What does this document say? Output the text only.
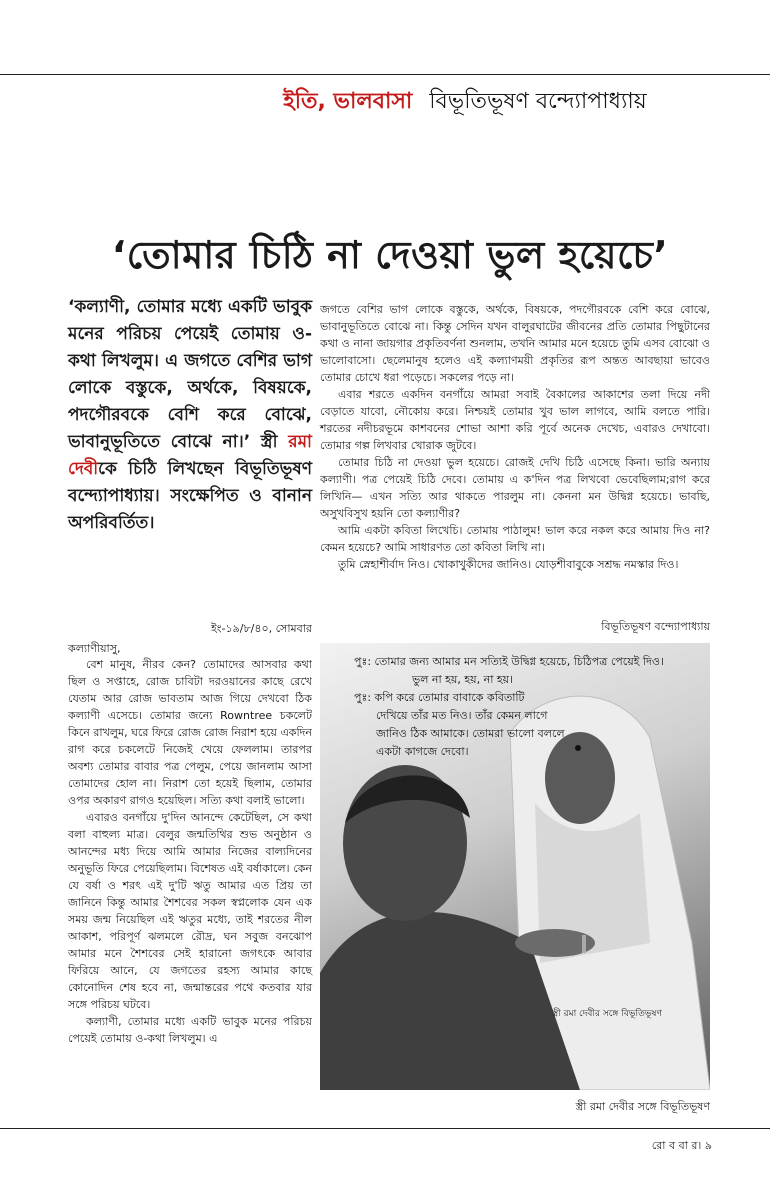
ইতি, ভালবাসা বিভূতিভূষণ বন্দ্যোপাধ্যায়
‘তোমার চিঠি না দেওয়া ভুল হয়েচে’
‘কল্যাণী, তোমার মধ্যে একটি ভাবুক মনের পরিচয় পেয়েই তোমায় ও-কথা লিখলুম। এ জগতে বেশির ভাগ লোকে বস্তুকে, অর্থকে, বিষয়কে, পদগৌরবকে বেশি করে বোঝে, ভাবানুভূতিতে বোঝে না।’ স্ত্রী রমা দেবীকে চিঠি লিখছেন বিভূতিভূষণ বন্দ্যোপাধ্যায়। সংক্ষেপিত ও বানান অপরিবর্তিত।

জগতে বেশির ভাগ লোকে বস্তুকে, অর্থকে, বিষয়কে, পদগৌরবকে বেশি করে বোঝে, ভাবানুভূতিতে বোঝে না। কিন্তু সেদিন যখন বালুরঘাটের জীবনের প্রতি তোমার পিছুটানের কথা ও নানা জায়গার প্রকৃতিবর্ণনা শুনলাম, তখনি আমার মনে হয়েচে তুমি এসব বোঝো ও ভালোবাসো। ছেলেমানুষ হলেও এই কল্যাণময়ী প্রকৃতির রূপ অন্তত আবছায়া ভাবেও তোমার চোখে ধরা পড়েচে। সকলের পড়ে না।

এবার শরতে একদিন বনগাঁয়ে আমরা সবাই বৈকালের আকাশের তলা দিয়ে নদী বেড়াতে যাবো, নৌকোয় করে। নিশ্চয়ই তোমার খুব ভাল লাগবে, আমি বলতে পারি। শরতের নদীচরভূমে কাশবনের শোভা আশা করি পূর্বে অনেক দেখেচ, এবারও দেখাবো। তোমার গল্প লিখবার খোরাক জুটবে।

তোমার চিঠি না দেওয়া ভুল হয়েচে। রোজই দেখি চিঠি এসেছে কিনা। ভারি অন্যায় কল্যাণী। পত্র পেয়েই চিঠি দেবে। তোমায় এ ক'দিন পত্র লিখবো ভেবেছিলাম;রাগ করে লিখিনি— এখন সত্যি আর থাকতে পারলুম না। কেননা মন উদ্বিগ্ন হয়েচে। ভাবছি, অসুখবিসুখ হয়নি তো কল্যাণীর?

আমি একটা কবিতা লিখেচি। তোমায় পাঠালুম! ভাল করে নকল করে আমায় দিও না? কেমন হয়েচে? আমি সাধারণত তো কবিতা লিখি না।

তুমি স্নেহাশীর্বাদ নিও। খোকাখুকীদের জানিও। যোড়শীবাবুকে সশ্রদ্ধ নমস্কার দিও।

বিভূতিভূষণ বন্দ্যোপাধ্যায়
ইং-১৯/৮/৪০, সোমবার
কল্যাণীয়াসু,

বেশ মানুষ, নীরব কেন? তোমাদের আসবার কথা ছিল ও সপ্তাহে, রোজ চাবিটা দরওয়ানের কাছে রেখে যেতাম আর রোজ ভাবতাম আজ গিয়ে দেখবো ঠিক কল্যাণী এসেচে। তোমার জন্যে Rowntree চকলেট কিনে রাখলুম, ঘরে ফিরে রোজ রোজ নিরাশ হয়ে একদিন রাগ করে চকলেটে নিজেই খেয়ে ফেললাম। তারপর অবশ্য তোমার বাবার পত্র পেলুম, পেয়ে জানলাম আসা তোমাদের হোল না। নিরাশ তো হয়েই ছিলাম, তোমার ওপর অকারণ রাগও হয়েছিল। সত্যি কথা বলাই ভালো।

এবারও বনগাঁয়ে দু'দিন আনন্দে কেটেছিল, সে কথা বলা বাহুল্য মাত্র। বেলুর জন্মতিথির শুভ অনুষ্ঠান ও আনন্দের মধ্য দিয়ে আমি আমার নিজের বাল্যদিনের অনুভূতি ফিরে পেয়েছিলাম। বিশেষত এই বর্ষাকালে। কেন যে বর্ষা ও শরৎ এই দু'টি ঋতু আমার এত প্রিয় তা জানিনে কিন্তু আমার শৈশবের সকল স্বপ্নলোক যেন এক সময় জন্ম নিয়েছিল এই ঋতুর মধ্যে, তাই শরতের নীল আকাশ, পরিপূর্ণ ঝলমলে রৌদ্র, ঘন সবুজ বনঝোপ আমার মনে শৈশবের সেই হারানো জগৎকে আবার ফিরিয়ে আনে, যে জগতের রহস্য আমার কাছে কোনোদিন শেষ হবে না, জন্মান্তরের পথে কতবার যার সঙ্গে পরিচয় ঘটবে।

কল্যাণী, তোমার মধ্যে একটি ভাবুক মনের পরিচয় পেয়েই তোমায় ও-কথা লিখলুম। এ

পুঃ: তোমার জন্য আমার মন সত্যিই উদ্বিগ্ন হয়েচে, চিঠিপত্র পেয়েই দিও।
ভুল না হয়, হয়, না হয়।
পুঃ: কপি করে তোমার বাবাকে কবিতাটি
দেখিয়ে তাঁর মত নিও। তাঁর কেমন লাগে
জানিও ঠিক আমাকে। তোমরা ভালো বললে
একটা কাগজে দেবো।
স্ত্রী রমা দেবীর সঙ্গে বিভূতিভূষণ
স্ত্রী রমা দেবীর সঙ্গে বিভূতিভূষণ
রো ব বা র। ৯
